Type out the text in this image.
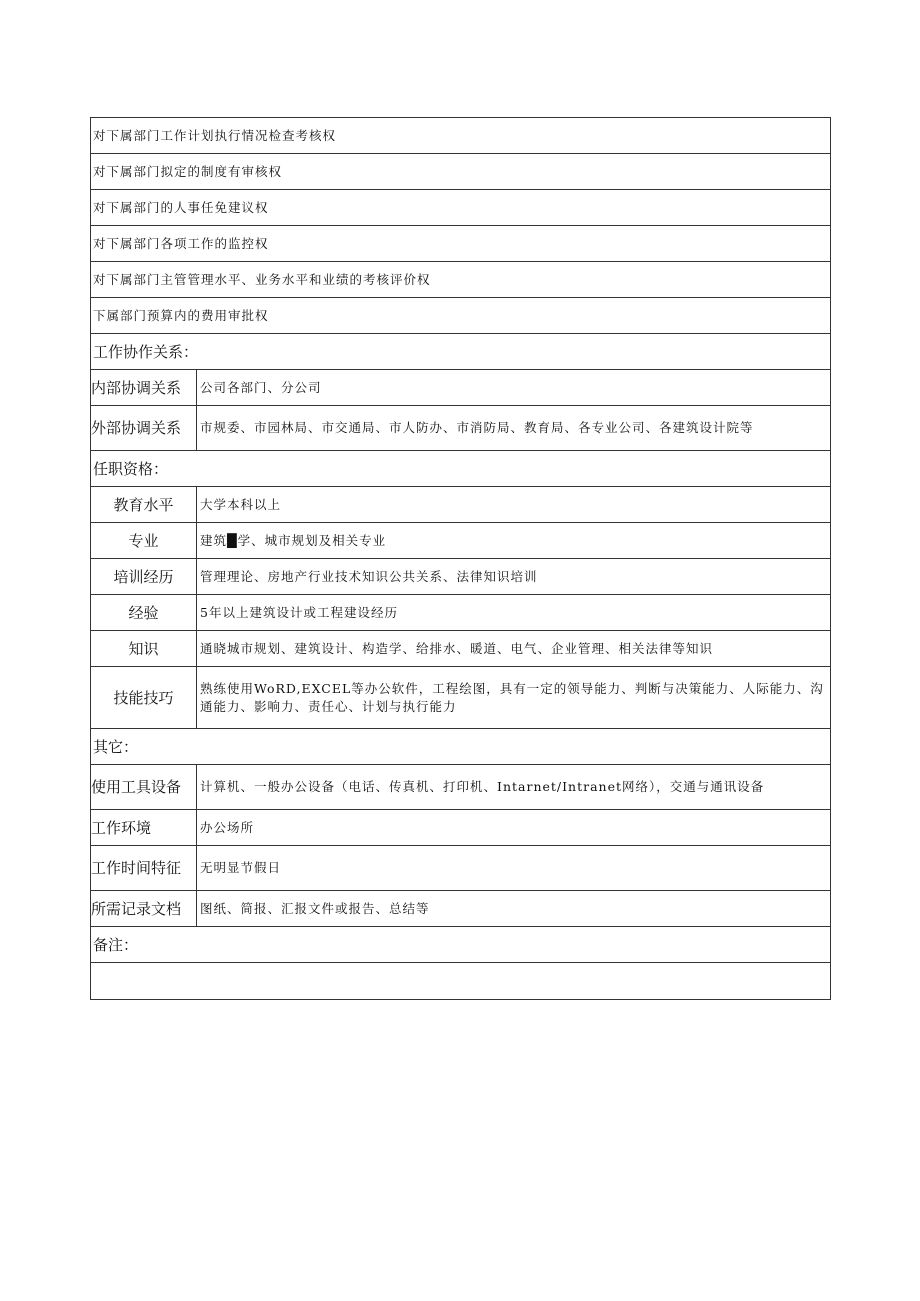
对下属部门工作计划执行情况检查考核权	
对下属部门拟定的制度有审核权	
对下属部门的人事任免建议权	
对下属部门各项工作的监控权	
对下属部门主管管理水平、业务水平和业绩的考核评价权	
下属部门预算内的费用审批权	
工作协作关系：	
内部协调关系	公司各部门、分公司
外部协调关系	市规委、市园林局、市交通局、市人防办、市消防局、教育局、各专业公司、各建筑设计院等
任职资格：	
教育水平	大学本科以上
专业	建筑█学、城市规划及相关专业
培训经历	管理理论、房地产行业技术知识公共关系、法律知识培训
经验	5年以上建筑设计或工程建设经历
知识	通晓城市规划、建筑设计、构造学、给排水、暖道、电气、企业管理、相关法律等知识
技能技巧	熟练使用WoRD,EXCEL等办公软件，工程绘图，具有一定的领导能力、判断与决策能力、人际能力、沟通能力、影响力、责任心、计划与执行能力
其它：	
使用工具设备	计算机、一般办公设备（电话、传真机、打印机、Intarnet/Intranet网络），交通与通讯设备
工作环境	办公场所
工作时间特征	无明显节假日
所需记录文档	图纸、简报、汇报文件或报告、总结等
备注：	
